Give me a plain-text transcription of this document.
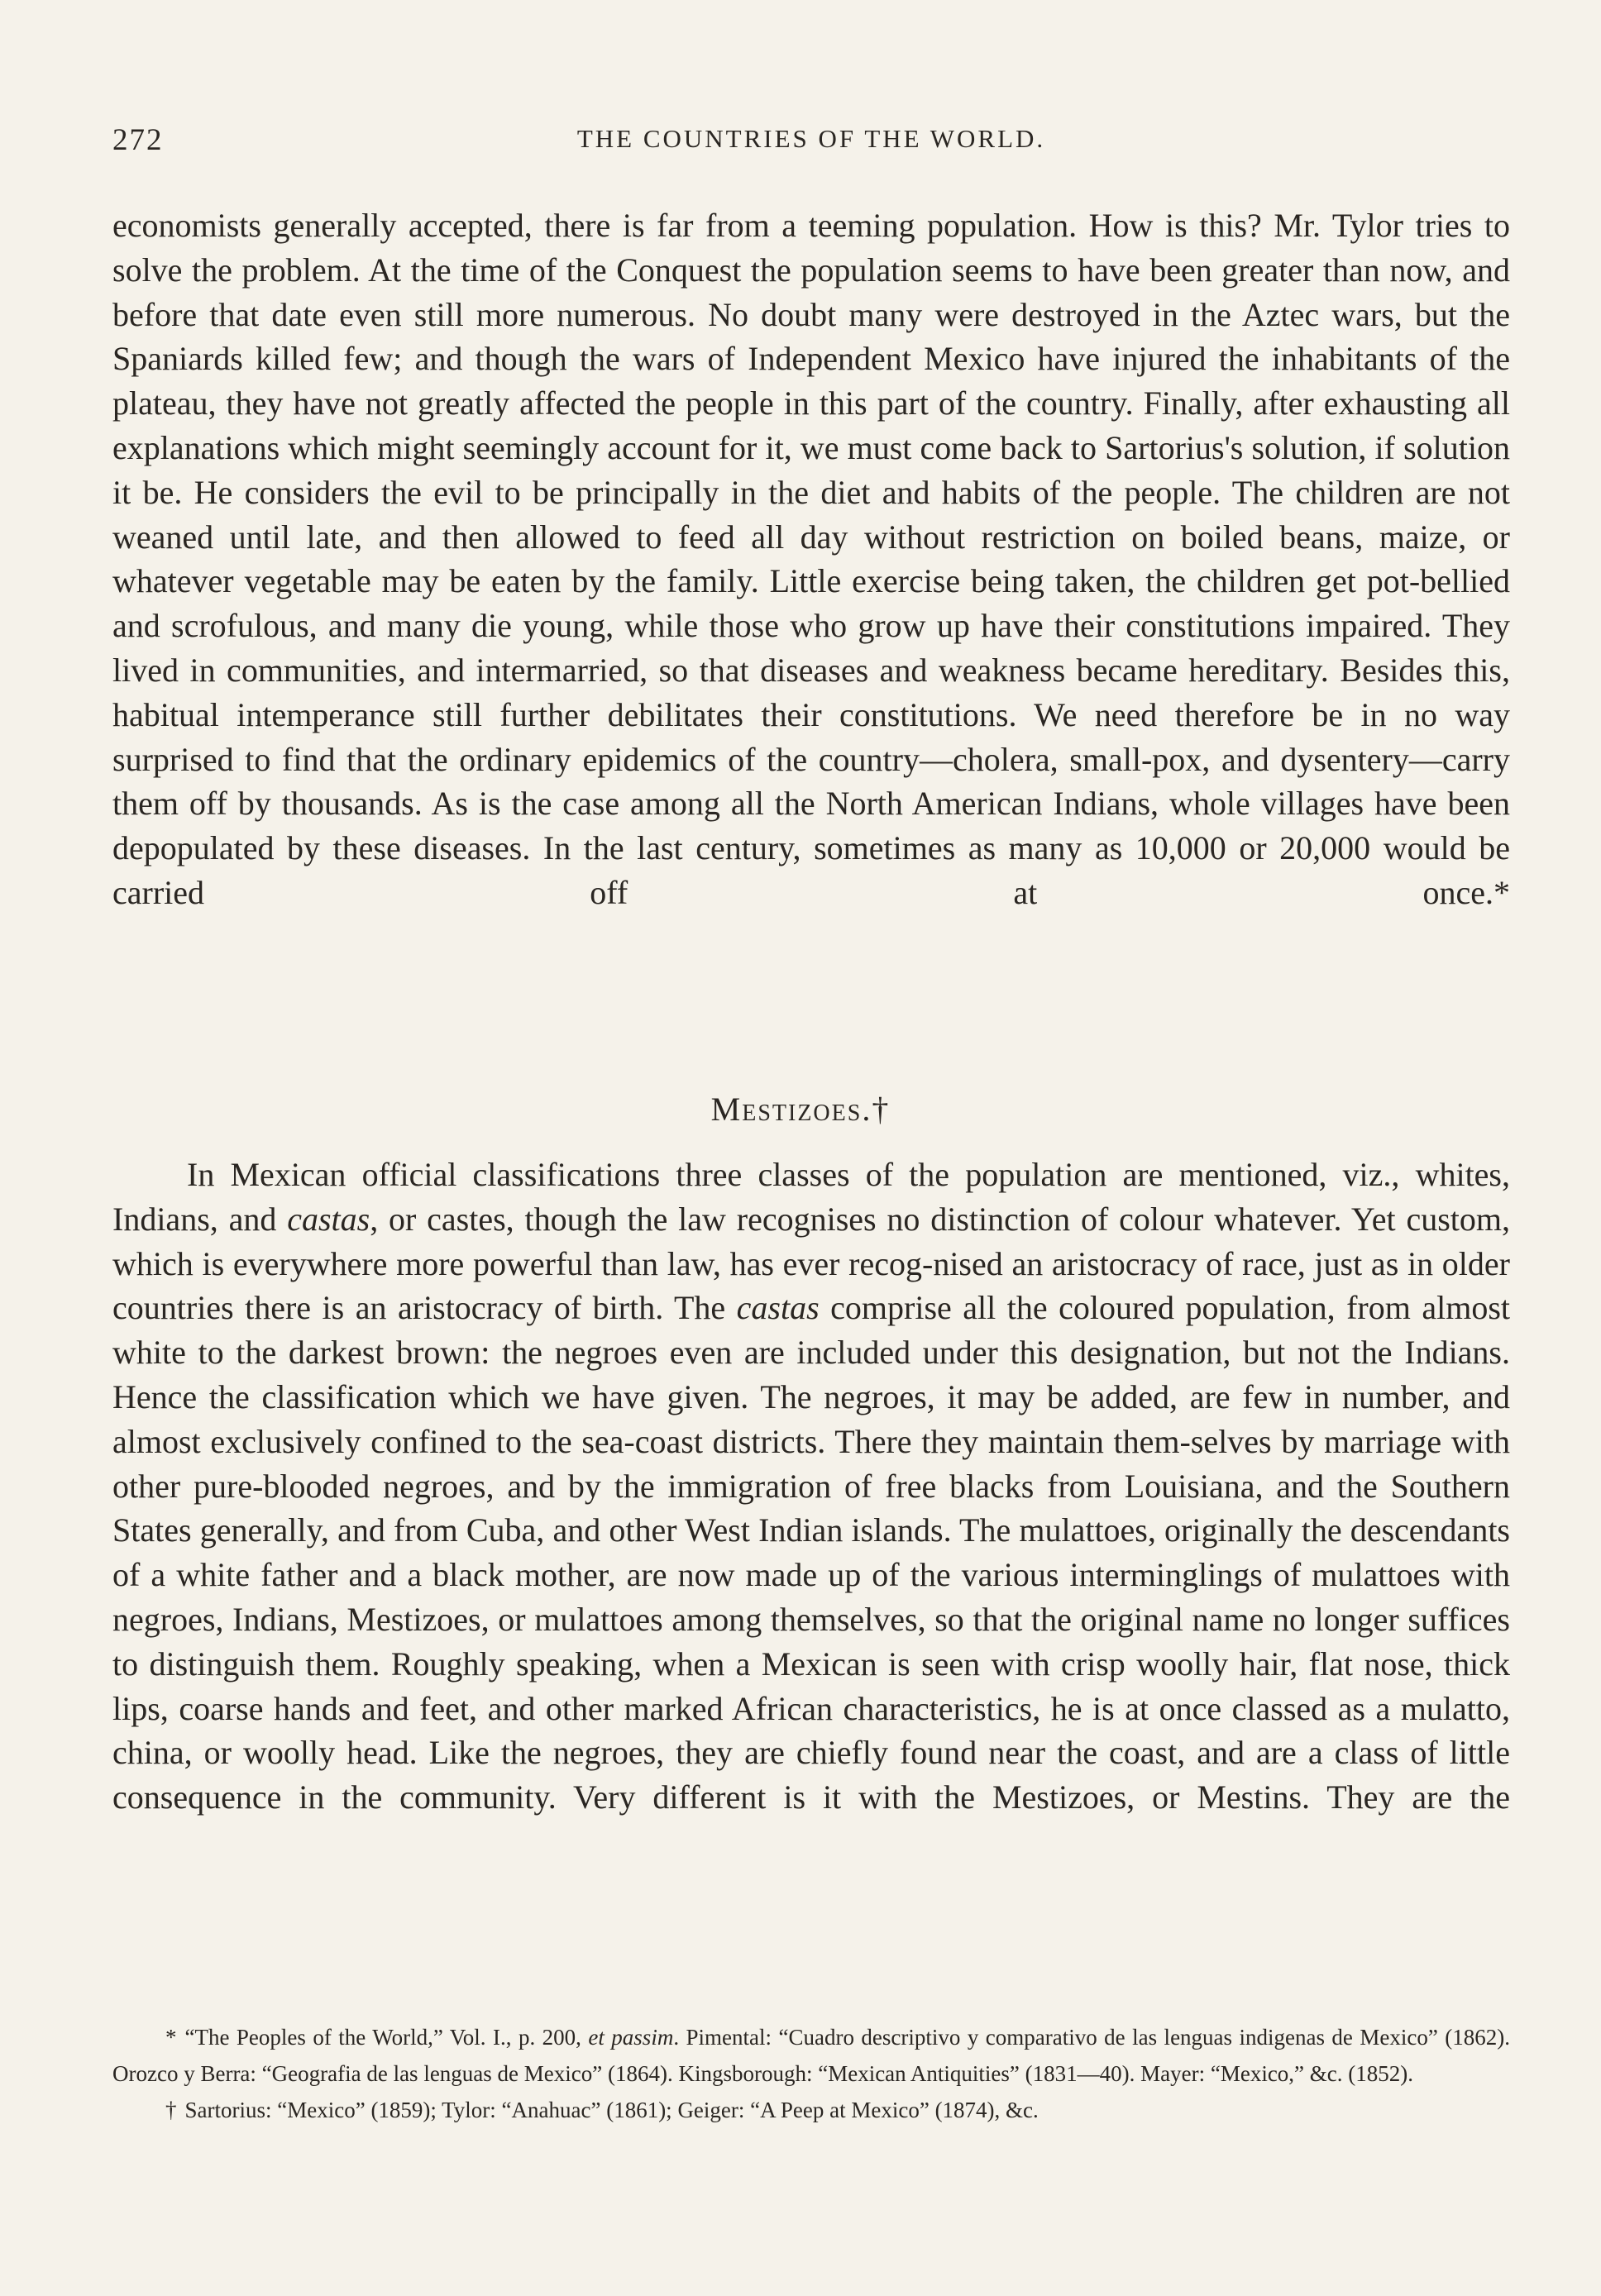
272	THE COUNTRIES OF THE WORLD.

economists generally accepted, there is far from a teeming population. How is this? Mr. Tylor tries to solve the problem. At the time of the Conquest the population seems to have been greater than now, and before that date even still more numerous. No doubt many were destroyed in the Aztec wars, but the Spaniards killed few; and though the wars of Independent Mexico have injured the inhabitants of the plateau, they have not greatly affected the people in this part of the country. Finally, after exhausting all explanations which might seemingly account for it, we must come back to Sartorius's solution, if solution it be. He considers the evil to be principally in the diet and habits of the people. The children are not weaned until late, and then allowed to feed all day without restriction on boiled beans, maize, or whatever vegetable may be eaten by the family. Little exercise being taken, the children get pot-bellied and scrofulous, and many die young, while those who grow up have their constitutions impaired. They lived in communities, and intermarried, so that diseases and weakness became hereditary. Besides this, habitual intemperance still further debilitates their constitutions. We need therefore be in no way surprised to find that the ordinary epidemics of the country—cholera, small-pox, and dysentery—carry them off by thousands. As is the case among all the North American Indians, whole villages have been depopulated by these diseases. In the last century, sometimes as many as 10,000 or 20,000 would be carried off at once.*

Mestizoes.†

In Mexican official classifications three classes of the population are mentioned, viz., whites, Indians, and castas, or castes, though the law recognises no distinction of colour whatever. Yet custom, which is everywhere more powerful than law, has ever recog-nised an aristocracy of race, just as in older countries there is an aristocracy of birth. The castas comprise all the coloured population, from almost white to the darkest brown: the negroes even are included under this designation, but not the Indians. Hence the classification which we have given. The negroes, it may be added, are few in number, and almost exclusively confined to the sea-coast districts. There they maintain them-selves by marriage with other pure-blooded negroes, and by the immigration of free blacks from Louisiana, and the Southern States generally, and from Cuba, and other West Indian islands. The mulattoes, originally the descendants of a white father and a black mother, are now made up of the various interminglings of mulattoes with negroes, Indians, Mestizoes, or mulattoes among themselves, so that the original name no longer suffices to distinguish them. Roughly speaking, when a Mexican is seen with crisp woolly hair, flat nose, thick lips, coarse hands and feet, and other marked African characteristics, he is at once classed as a mulatto, china, or woolly head. Like the negroes, they are chiefly found near the coast, and are a class of little consequence in the community. Very different is it with the Mestizoes, or Mestins. They are the

* “The Peoples of the World,” Vol. I., p. 200, et passim. Pimental: “Cuadro descriptivo y comparativo de las lenguas indigenas de Mexico” (1862). Orozco y Berra: “Geografia de las lenguas de Mexico” (1864). Kingsborough: “Mexican Antiquities” (1831—40). Mayer: “Mexico,” &c. (1852).

† Sartorius: “Mexico” (1859); Tylor: “Anahuac” (1861); Geiger: “A Peep at Mexico” (1874), &c.
